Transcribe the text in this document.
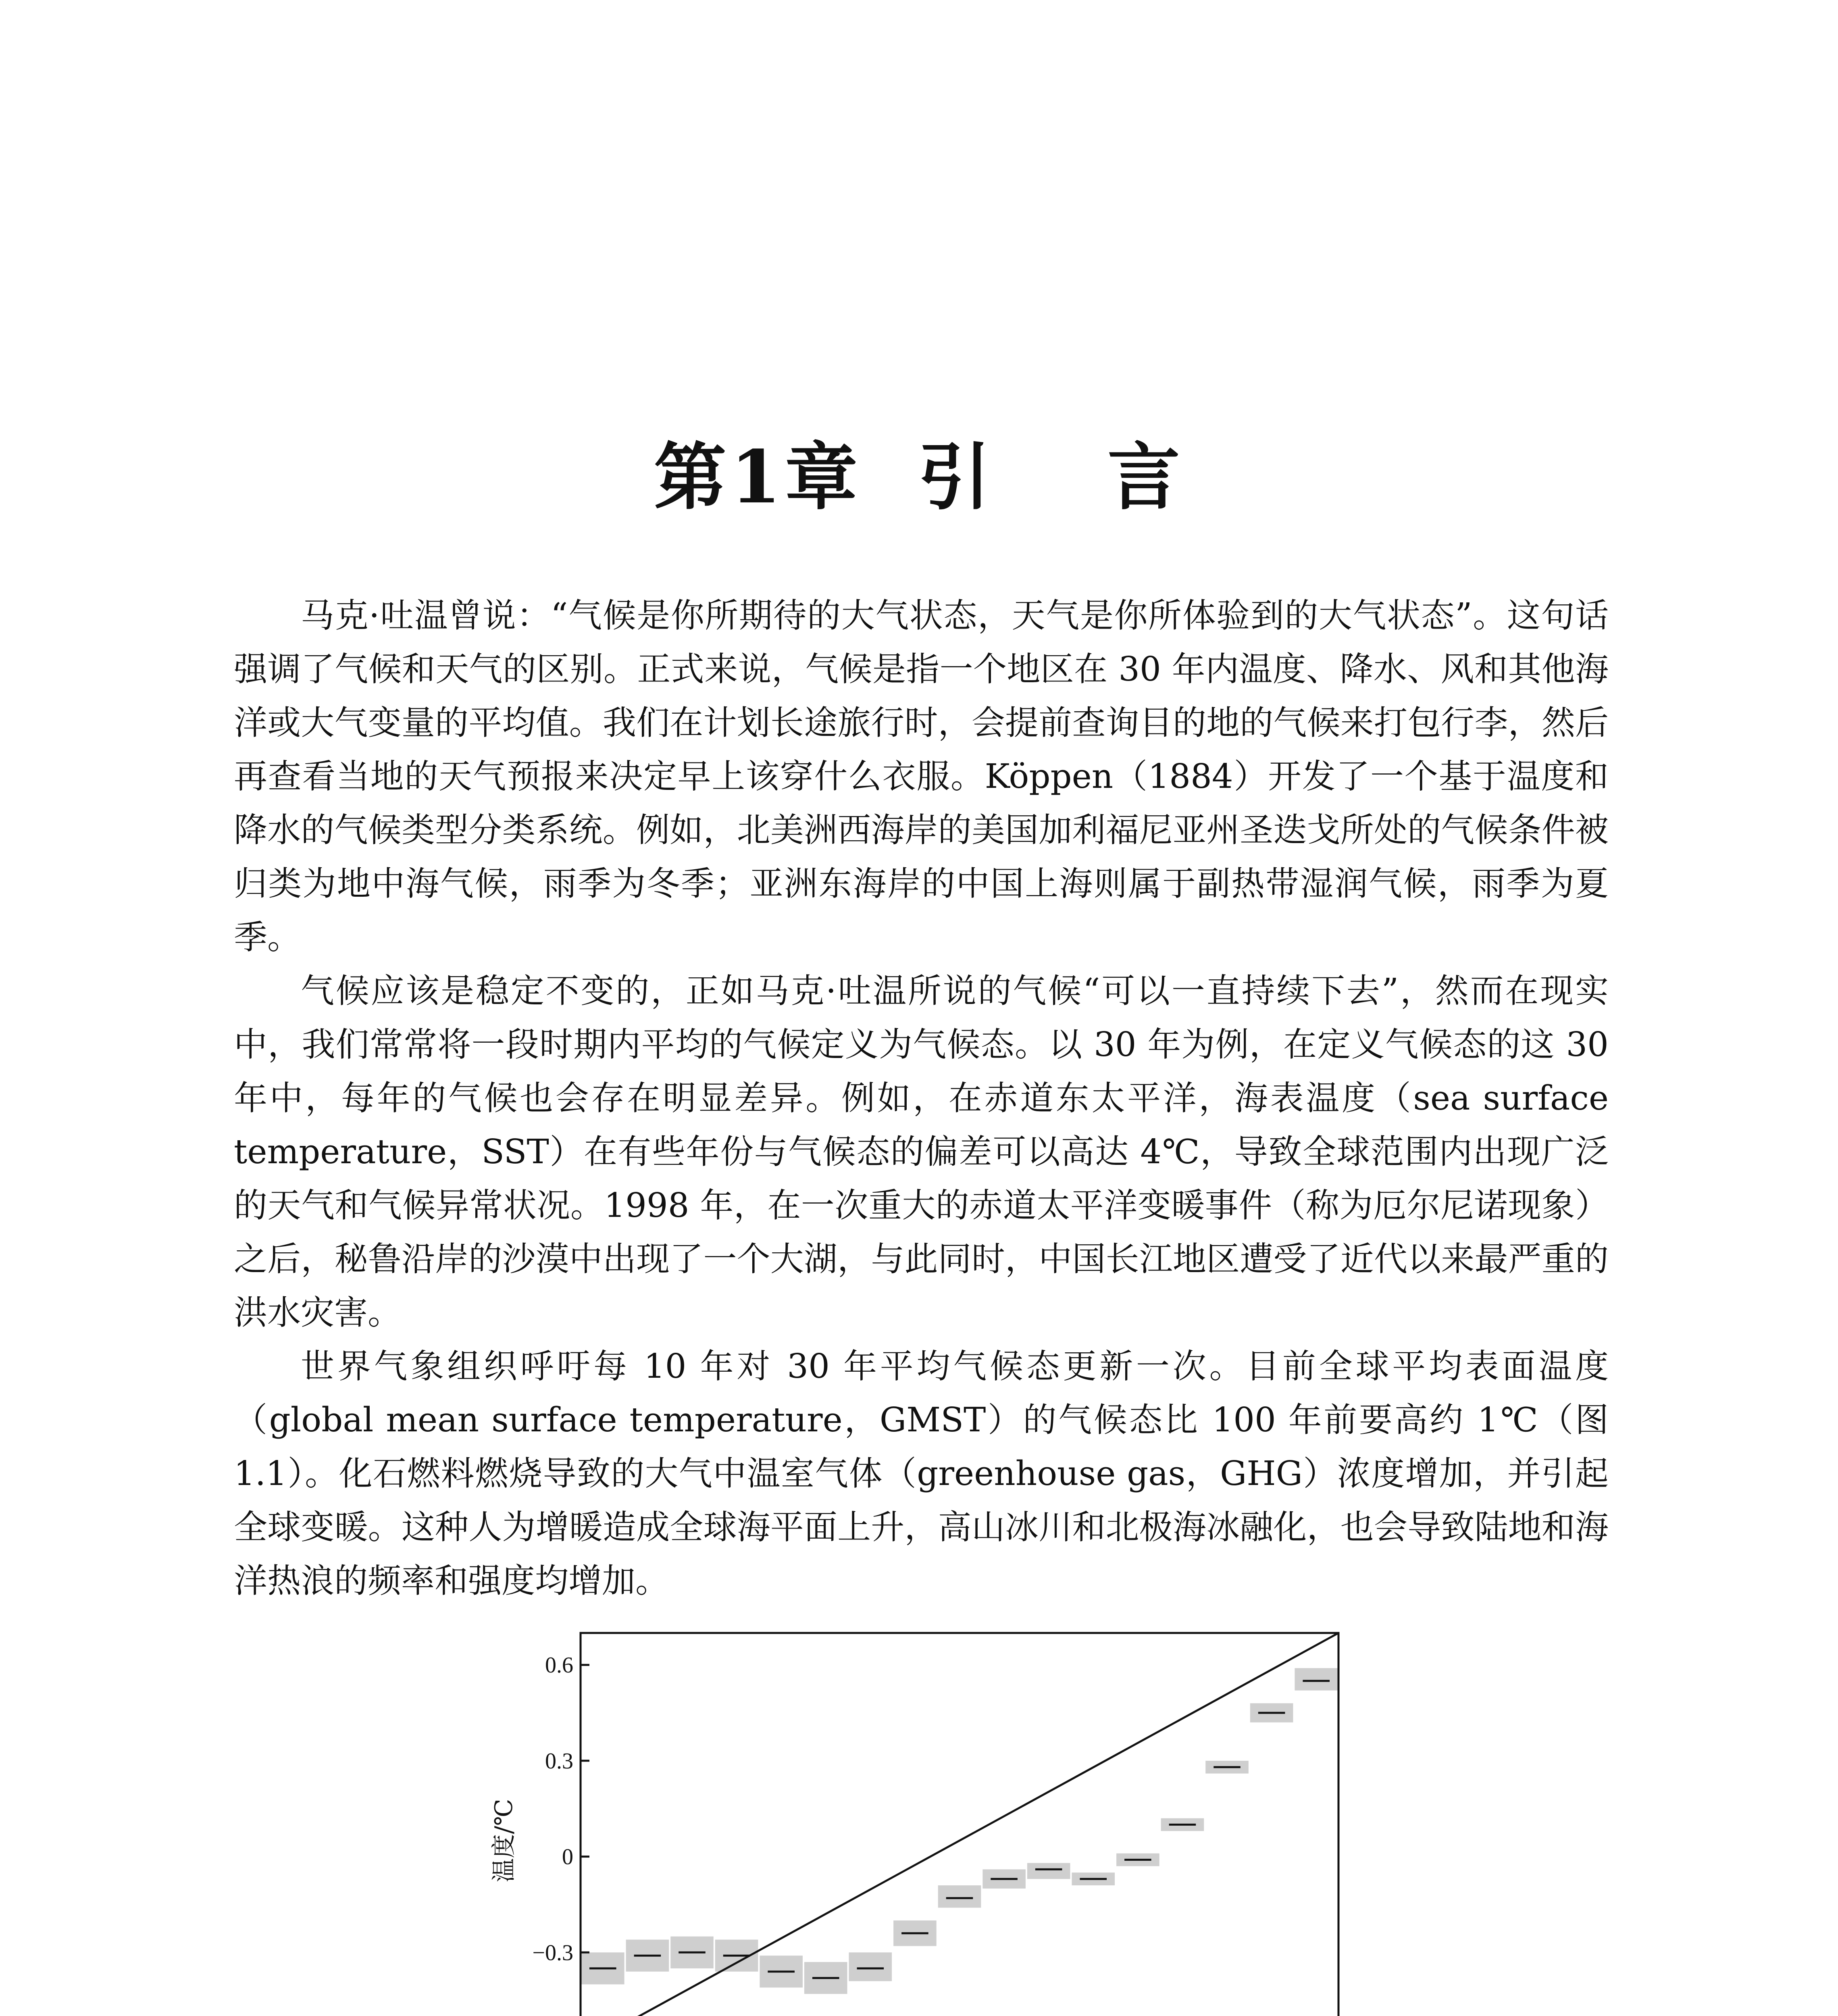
第1章 引 言

马克·吐温曾说：“气候是你所期待的大气状态，天气是你所体验到的大气状态”。这句话强调了气候和天气的区别。正式来说，气候是指一个地区在 30 年内温度、降水、风和其他海洋或大气变量的平均值。我们在计划长途旅行时，会提前查询目的地的气候来打包行李，然后再查看当地的天气预报来决定早上该穿什么衣服。Köppen（1884）开发了一个基于温度和降水的气候类型分类系统。例如，北美洲西海岸的美国加利福尼亚州圣迭戈所处的气候条件被归类为地中海气候，雨季为冬季；亚洲东海岸的中国上海则属于副热带湿润气候，雨季为夏季。

气候应该是稳定不变的，正如马克·吐温所说的气候“可以一直持续下去”，然而在现实中，我们常常将一段时期内平均的气候定义为气候态。以 30 年为例，在定义气候态的这 30 年中，每年的气候也会存在明显差异。例如，在赤道东太平洋，海表温度（sea surface temperature，SST）在有些年份与气候态的偏差可以高达 4℃，导致全球范围内出现广泛的天气和气候异常状况。1998 年，在一次重大的赤道太平洋变暖事件（称为厄尔尼诺现象）之后，秘鲁沿岸的沙漠中出现了一个大湖，与此同时，中国长江地区遭受了近代以来最严重的洪水灾害。

世界气象组织呼吁每 10 年对 30 年平均气候态更新一次。目前全球平均表面温度（global mean surface temperature，GMST）的气候态比 100 年前要高约 1℃（图 1.1）。化石燃料燃烧导致的大气中温室气体（greenhouse gas，GHG）浓度增加，并引起全球变暖。这种人为增暖造成全球海平面上升，高山冰川和北极海冰融化，也会导致陆地和海洋热浪的频率和强度均增加。

−0.3
0
0.3
0.6
温度/℃
